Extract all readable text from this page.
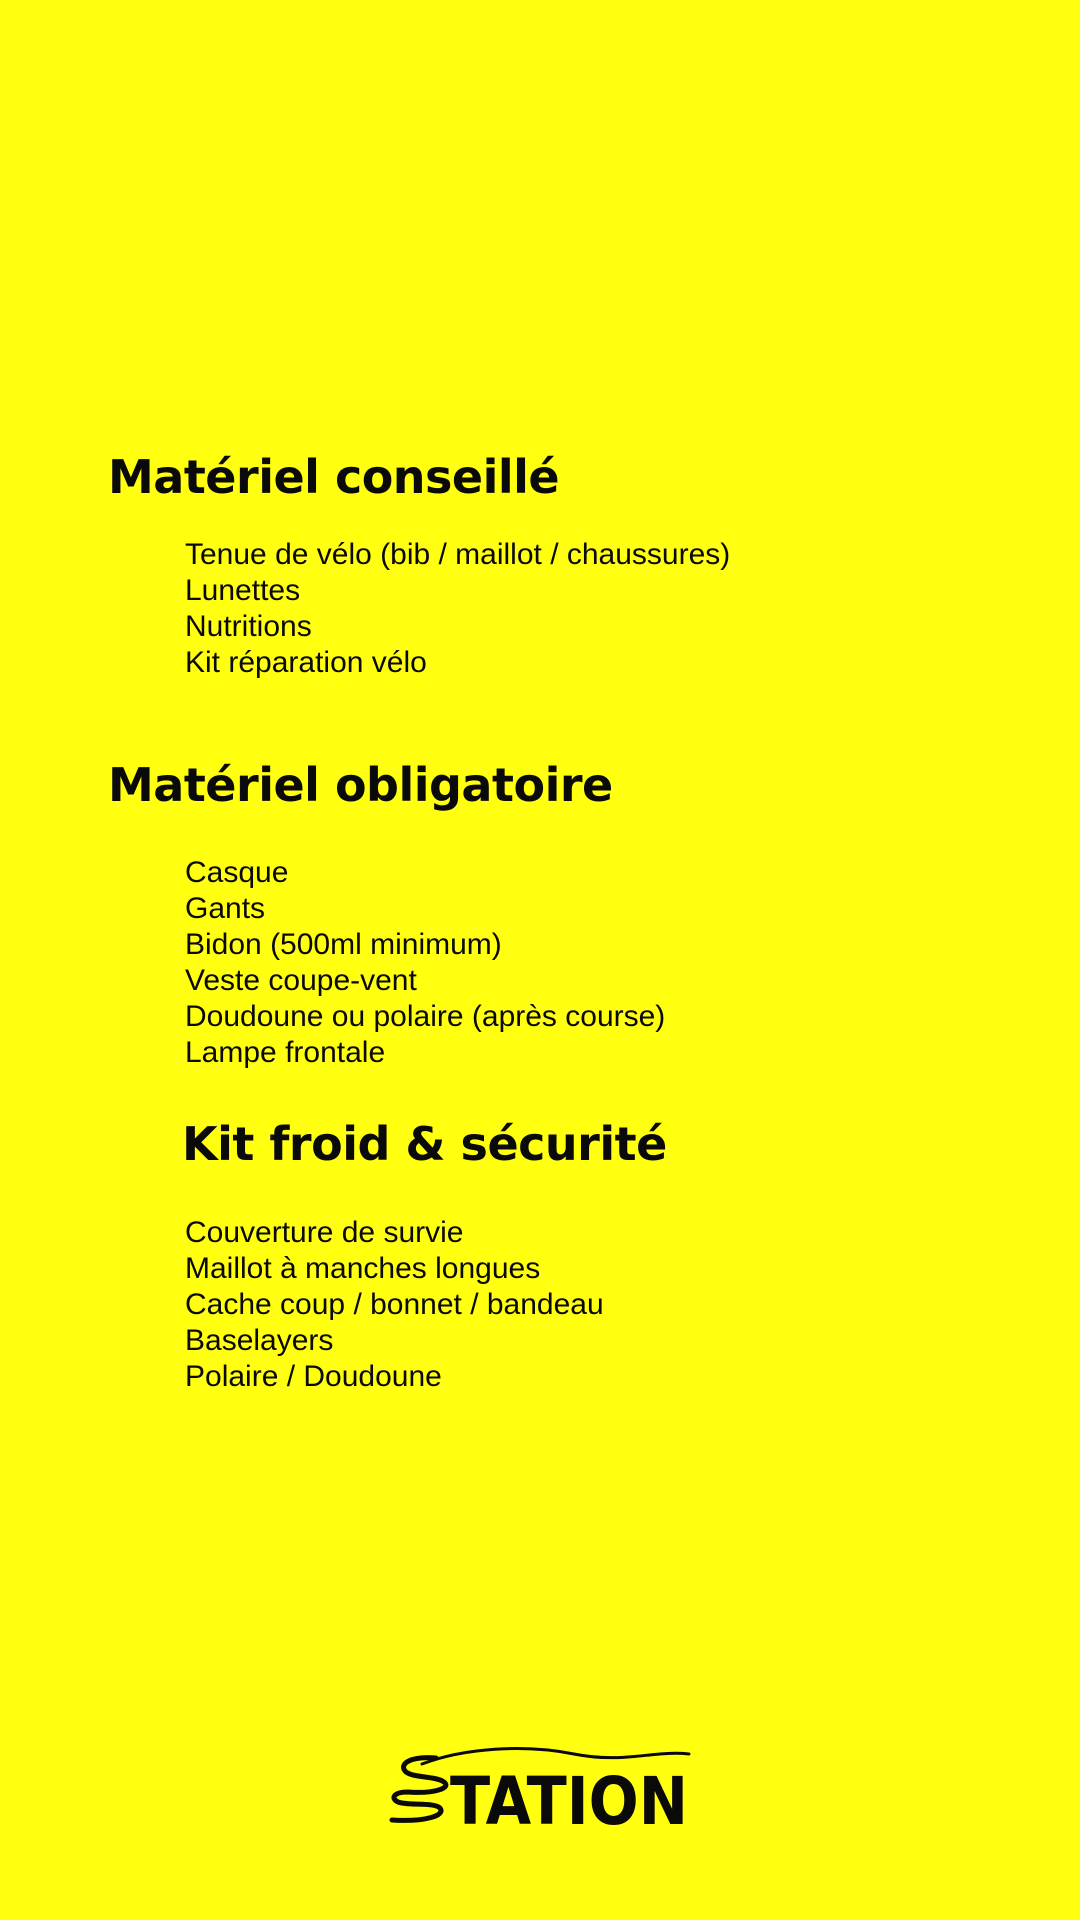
Matériel conseillé
Tenue de vélo (bib / maillot / chaussures)
Lunettes
Nutritions
Kit réparation vélo
Matériel obligatoire
Casque
Gants
Bidon (500ml minimum)
Veste coupe-vent
Doudoune ou polaire (après course)
Lampe frontale
Kit froid & sécurité
Couverture de survie
Maillot à manches longues
Cache coup / bonnet / bandeau
Baselayers
Polaire / Doudoune
TATION
